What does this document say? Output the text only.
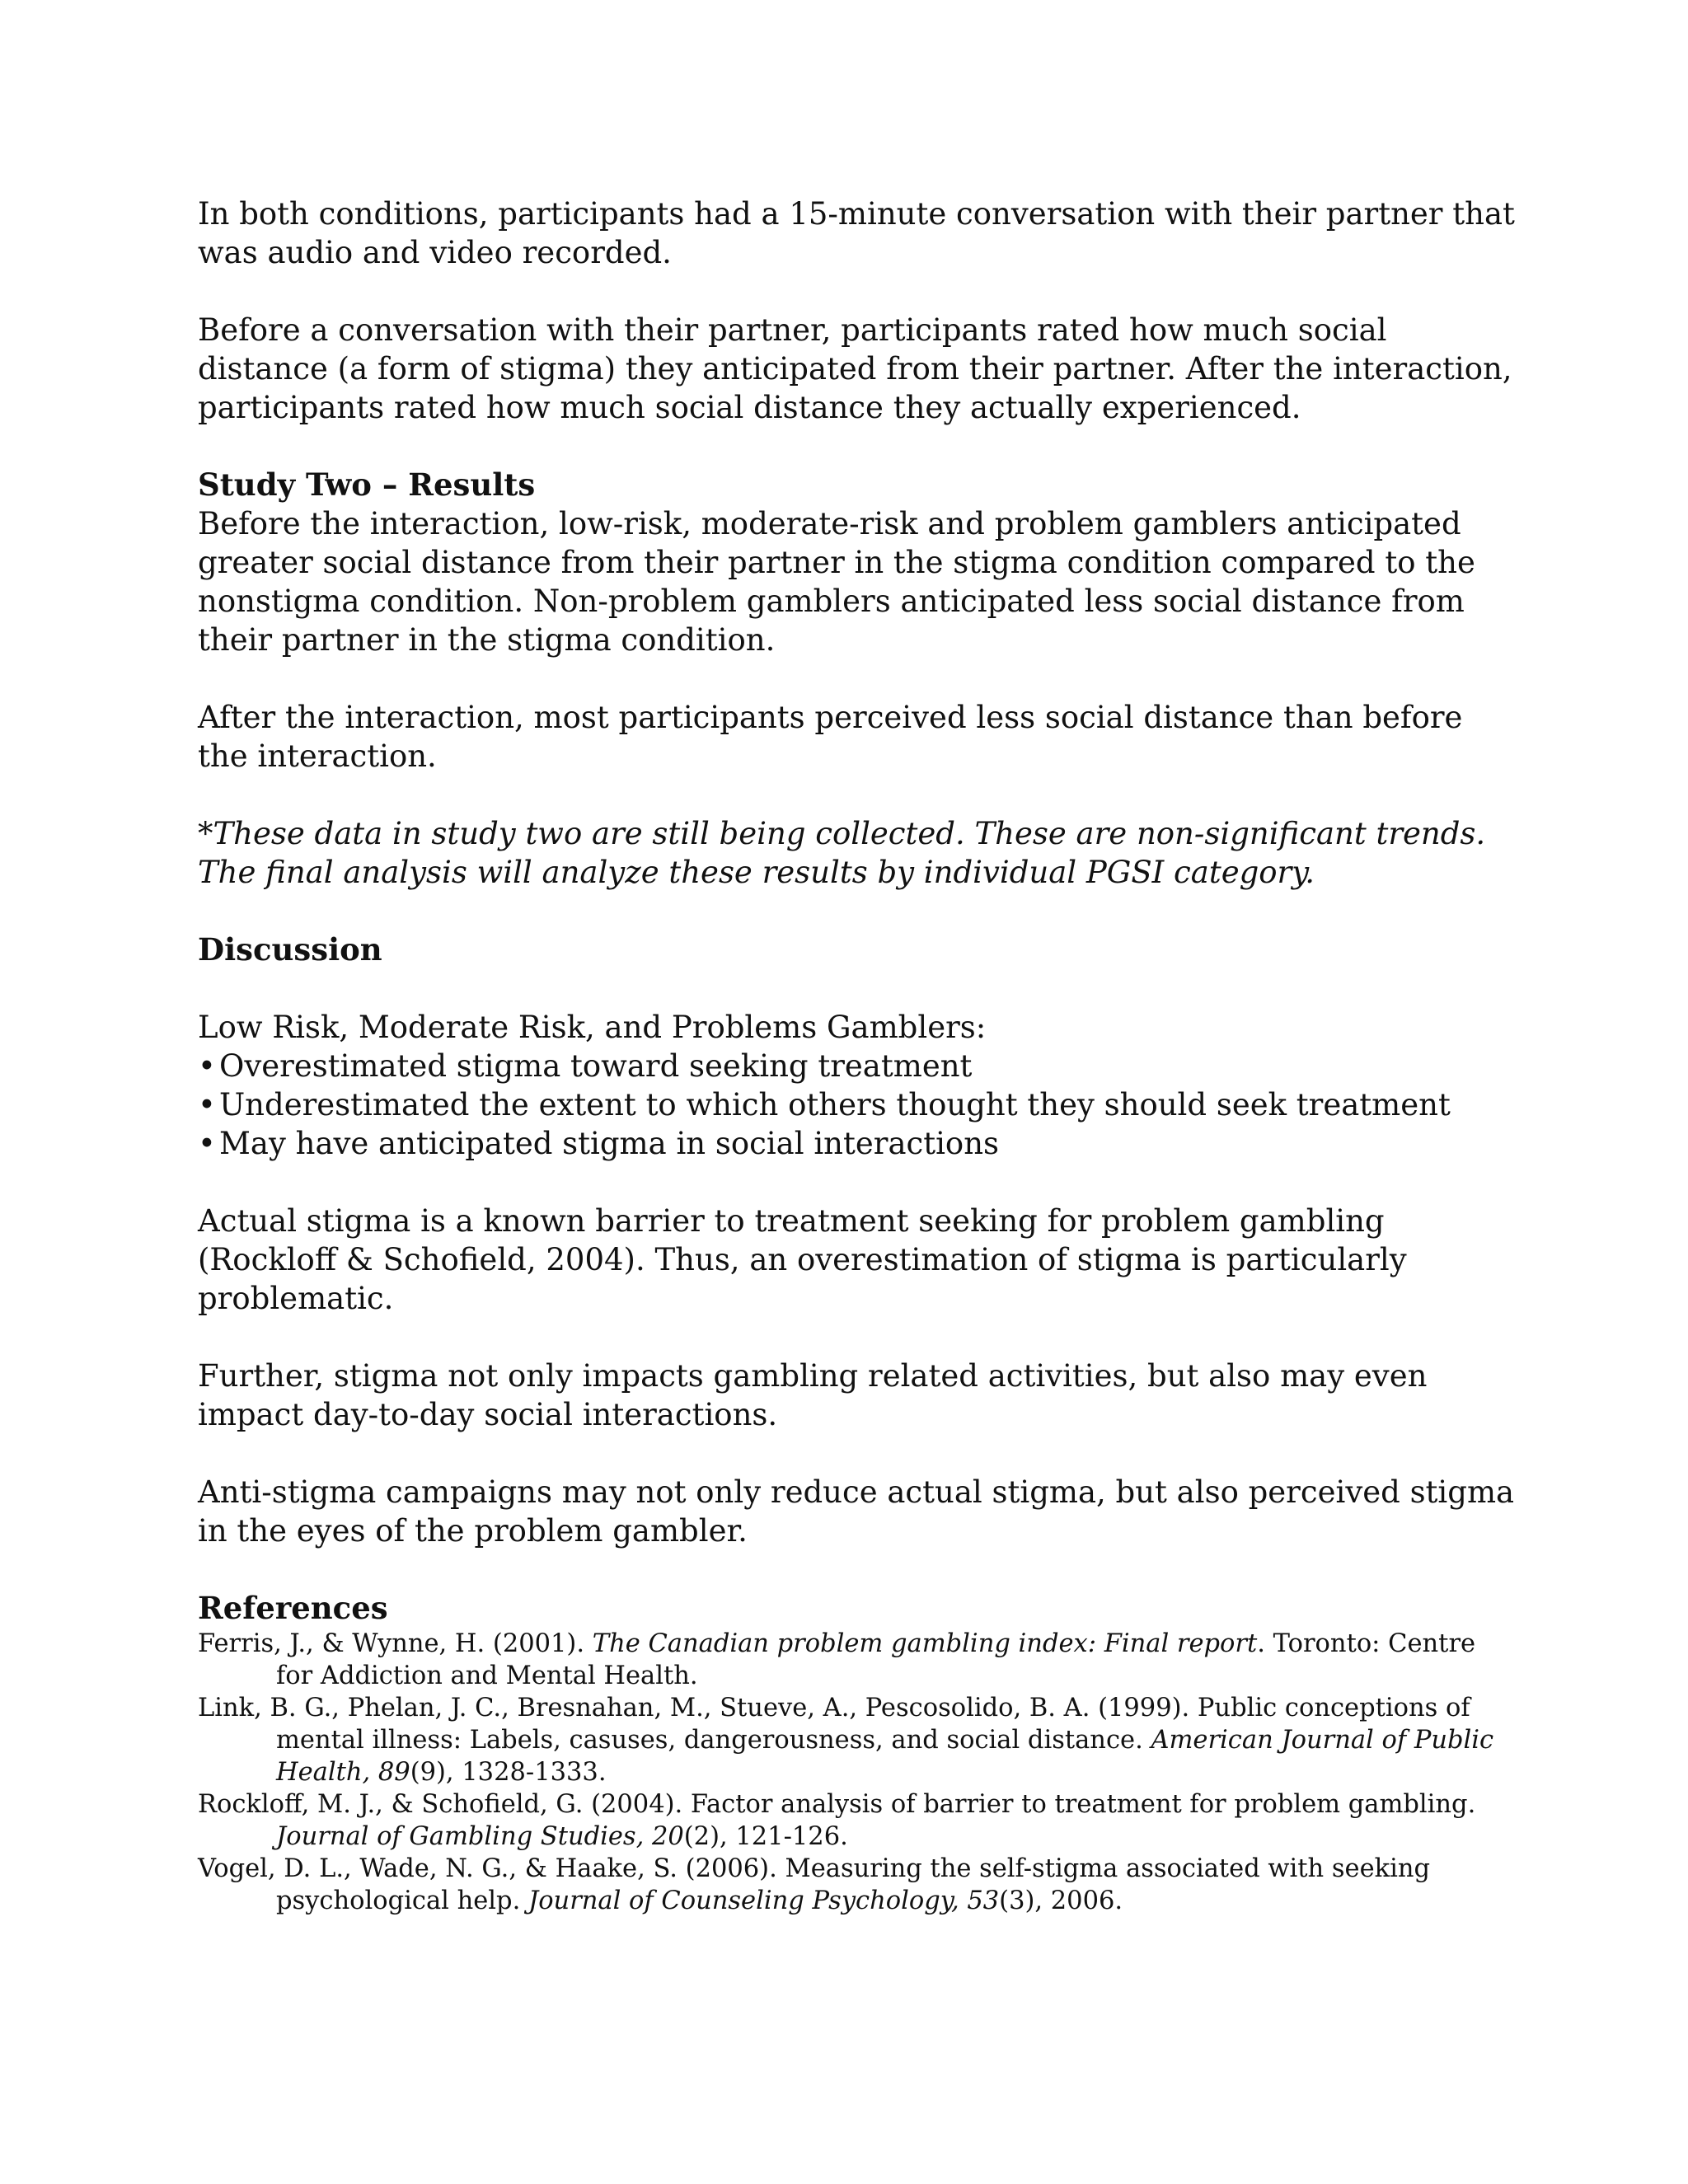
In both conditions, participants had a 15-minute conversation with their partner that was audio and video recorded.

Before a conversation with their partner, participants rated how much social distance (a form of stigma) they anticipated from their partner. After the interaction, participants rated how much social distance they actually experienced.

Study Two – Results

Before the interaction, low-risk, moderate-risk and problem gamblers anticipated greater social distance from their partner in the stigma condition compared to the nonstigma condition. Non-problem gamblers anticipated less social distance from their partner in the stigma condition.

After the interaction, most participants perceived less social distance than before the interaction.

*These data in study two are still being collected. These are non-significant trends. The final analysis will analyze these results by individual PGSI category.

Discussion

Low Risk, Moderate Risk, and Problems Gamblers:

• Overestimated stigma toward seeking treatment

• Underestimated the extent to which others thought they should seek treatment

• May have anticipated stigma in social interactions

Actual stigma is a known barrier to treatment seeking for problem gambling (Rockloff & Schofield, 2004). Thus, an overestimation of stigma is particularly problematic.

Further, stigma not only impacts gambling related activities, but also may even impact day-to-day social interactions.

Anti-stigma campaigns may not only reduce actual stigma, but also perceived stigma in the eyes of the problem gambler.

References

Ferris, J., & Wynne, H. (2001). The Canadian problem gambling index: Final report. Toronto: Centre for Addiction and Mental Health.

Link, B. G., Phelan, J. C., Bresnahan, M., Stueve, A., Pescosolido, B. A. (1999). Public conceptions of mental illness: Labels, casuses, dangerousness, and social distance. American Journal of Public Health, 89(9), 1328-1333.

Rockloff, M. J., & Schofield, G. (2004). Factor analysis of barrier to treatment for problem gambling. Journal of Gambling Studies, 20(2), 121-126.

Vogel, D. L., Wade, N. G., & Haake, S. (2006). Measuring the self-stigma associated with seeking psychological help. Journal of Counseling Psychology, 53(3), 2006.
